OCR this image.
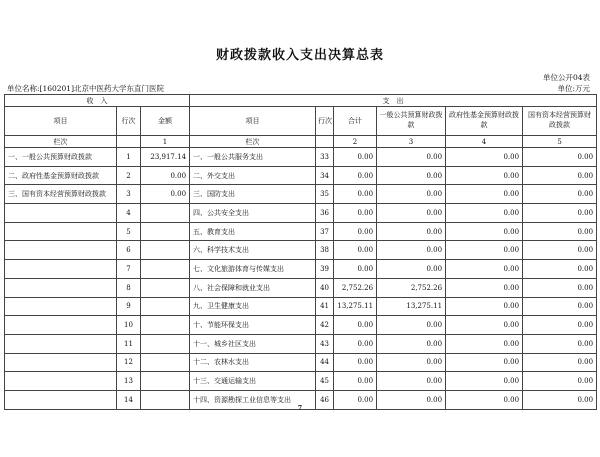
财政拨款收入支出决算总表
单位公开04表
单位名称:[160201]北京中医药大学东直门医院	单位:万元
收　入			支　出					
项目	行次	金额	项目	行次	合计	一般公共预算财政拨款	政府性基金预算财政拨款	国有资本经营预算财政拨款
栏次		1	栏次		2	3	4	5
一、一般公共预算财政拨款	1	23,917.14	一、一般公共服务支出	33	0.00	0.00	0.00	0.00
二、政府性基金预算财政拨款	2	0.00	二、外交支出	34	0.00	0.00	0.00	0.00
三、国有资本经营预算财政拨款	3	0.00	三、国防支出	35	0.00	0.00	0.00	0.00
	4		四、公共安全支出	36	0.00	0.00	0.00	0.00
	5		五、教育支出	37	0.00	0.00	0.00	0.00
	6		六、科学技术支出	38	0.00	0.00	0.00	0.00
	7		七、文化旅游体育与传媒支出	39	0.00	0.00	0.00	0.00
	8		八、社会保障和就业支出	40	2,752.26	2,752.26	0.00	0.00
	9		九、卫生健康支出	41	13,275.11	13,275.11	0.00	0.00
	10		十、节能环保支出	42	0.00	0.00	0.00	0.00
	11		十一、城乡社区支出	43	0.00	0.00	0.00	0.00
	12		十二、农林水支出	44	0.00	0.00	0.00	0.00
	13		十三、交通运输支出	45	0.00	0.00	0.00	0.00
	14		十四、资源勘探工业信息等支出	46	0.00	0.00	0.00	0.00
7
